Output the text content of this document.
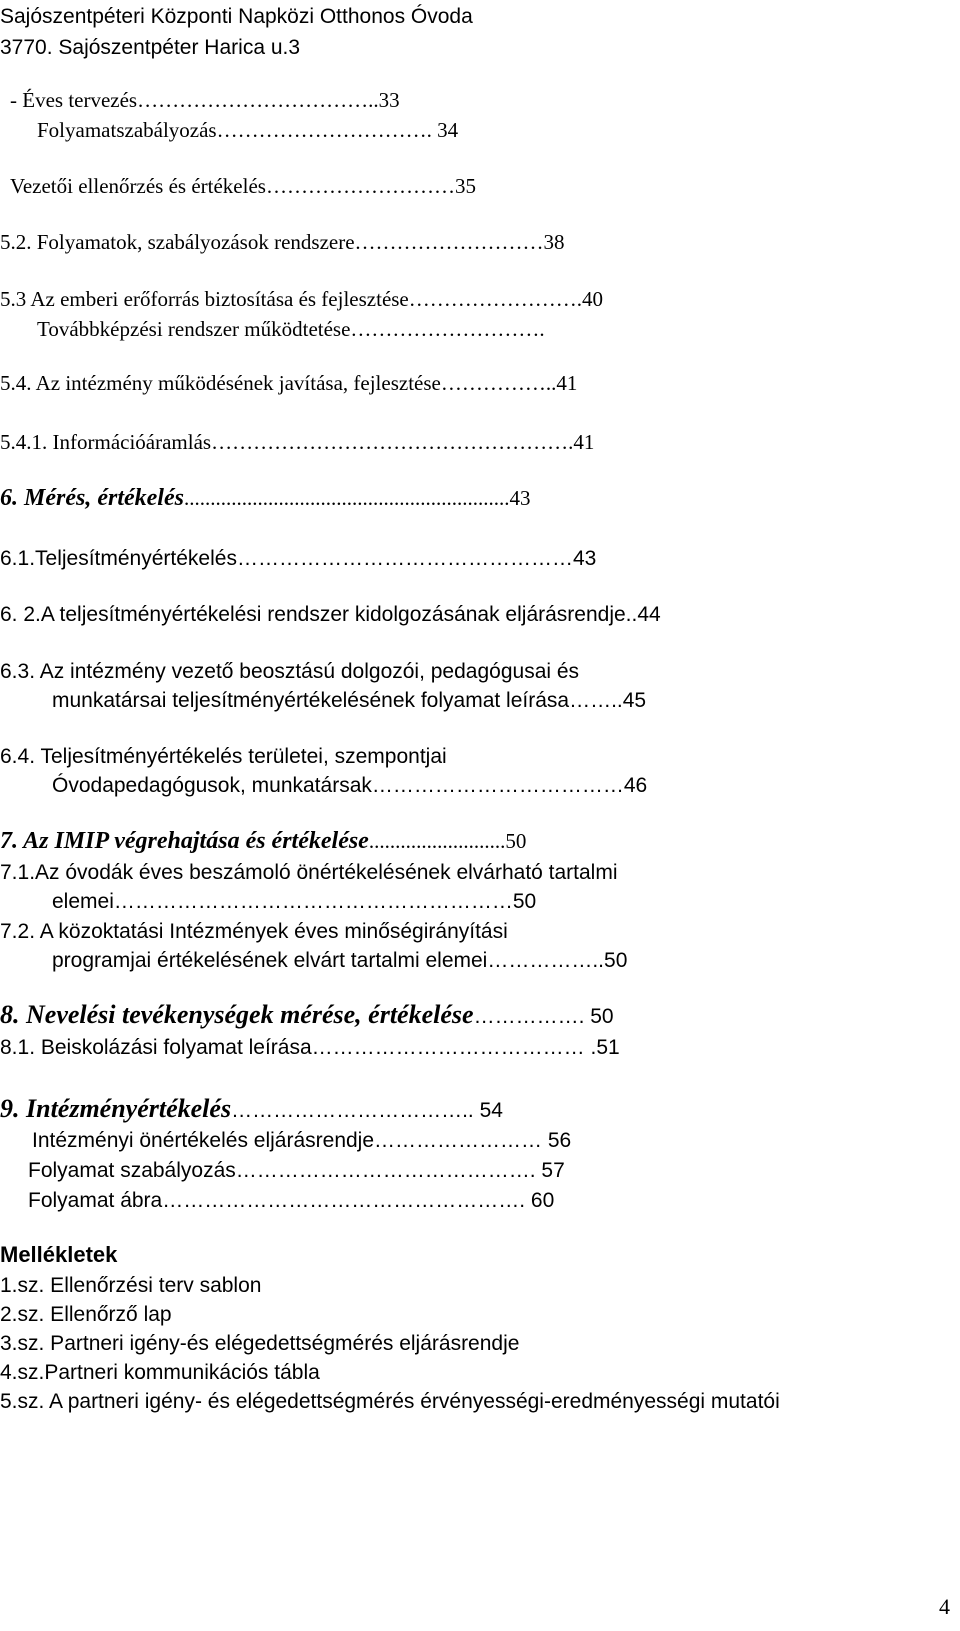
Sajószentpéteri Központi Napközi Otthonos Óvoda
3770. Sajószentpéter Harica u.3
- Éves tervezés……………………………..33
Folyamatszabályozás…………………………. 34
Vezetői ellenőrzés és értékelés………………………35
5.2. Folyamatok, szabályozások rendszere………………………38
5.3 Az emberi erőforrás biztosítása és fejlesztése…………………….40
Továbbképzési rendszer működtetése……………………….
5.4. Az intézmény működésének javítása, fejlesztése……………..41
5.4.1. Információáramlás…………………………………………….41
6. Mérés, értékelés..............................................................43
6.1.Teljesítményértékelés…………………………………………43
6. 2.A teljesítményértékelési rendszer kidolgozásának eljárásrendje..44
6.3. Az intézmény vezető beosztású dolgozói, pedagógusai és
munkatársai teljesítményértékelésének folyamat leírása……..45
6.4. Teljesítményértékelés területei, szempontjai
Óvodapedagógusok, munkatársak………………………………46
7. Az IMIP végrehajtása és értékelése..........................50
7.1.Az óvodák éves beszámoló önértékelésének elvárható tartalmi
elemei…………………………………………………50
7.2. A közoktatási Intézmények éves minőségirányítási
programjai értékelésének elvárt tartalmi elemei……………..50
8. Nevelési tevékenységek mérése, értékelése……………. 50
8.1. Beiskolázási folyamat leírása………………………………… .51
9. Intézményértékelés…………………………….. 54
Intézményi önértékelés eljárásrendje…………………… 56
Folyamat szabályozás……………………………………. 57
Folyamat ábra……………………………………………. 60
Mellékletek
1.sz. Ellenőrzési terv sablon
2.sz. Ellenőrző lap
3.sz. Partneri igény-és elégedettségmérés eljárásrendje
4.sz.Partneri kommunikációs tábla
5.sz. A partneri igény- és elégedettségmérés érvényességi-eredményességi mutatói
4
